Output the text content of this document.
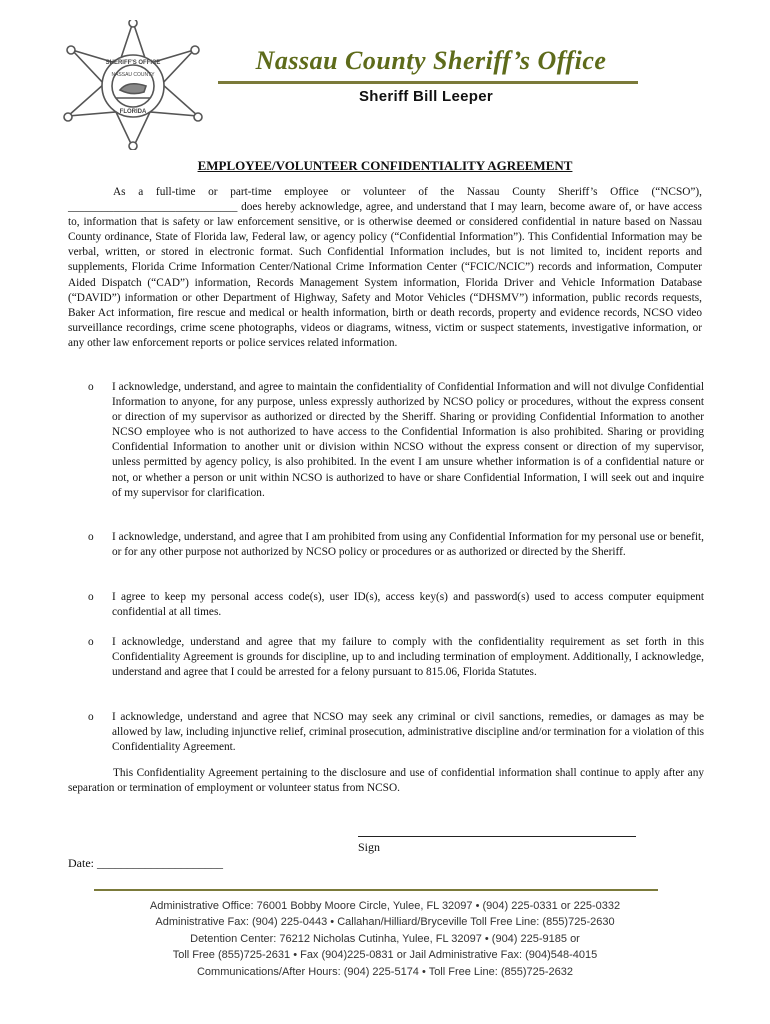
SHERIFF'S OFFICE
NASSAU COUNTY
FLORIDA
Nassau County Sheriff’s Office
Sheriff Bill Leeper
EMPLOYEE/VOLUNTEER CONFIDENTIALITY AGREEMENT

As a full-time or part-time employee or volunteer of the Nassau County Sheriff’s Office (“NCSO”), ______________________________ does hereby acknowledge, agree, and understand that I may learn, become aware of, or have access to, information that is safety or law enforcement sensitive, or is otherwise deemed or considered confidential in nature based on Nassau County ordinance, State of Florida law, Federal law, or agency policy (“Confidential Information”). This Confidential Information may be verbal, written, or stored in electronic format. Such Confidential Information includes, but is not limited to, incident reports and supplements, Florida Crime Information Center/National Crime Information Center (“FCIC/NCIC”) records and information, Computer Aided Dispatch (“CAD”) information, Records Management System information, Florida Driver and Vehicle Information Database (“DAVID”) information or other Department of Highway, Safety and Motor Vehicles (“DHSMV”) information, public records requests, Baker Act information, fire rescue and medical or health information, birth or death records, property and evidence records, NCSO video surveillance recordings, crime scene photographs, videos or diagrams, witness, victim or suspect statements, investigative information, or any other law enforcement reports or police services related information.

o I acknowledge, understand, and agree to maintain the confidentiality of Confidential Information and will not divulge Confidential Information to anyone, for any purpose, unless expressly authorized by NCSO policy or procedures, without the express consent or direction of my supervisor as authorized or directed by the Sheriff. Sharing or providing Confidential Information to another NCSO employee who is not authorized to have access to the Confidential Information is also prohibited. Sharing or providing Confidential Information to another unit or division within NCSO without the express consent or direction of my supervisor, unless permitted by agency policy, is also prohibited. In the event I am unsure whether information is of a confidential nature or not, or whether a person or unit within NCSO is authorized to have or share Confidential Information, I will seek out and inquire of my supervisor for clarification.
o I acknowledge, understand, and agree that I am prohibited from using any Confidential Information for my personal use or benefit, or for any other purpose not authorized by NCSO policy or procedures or as authorized or directed by the Sheriff.
o I agree to keep my personal access code(s), user ID(s), access key(s) and password(s) used to access computer equipment confidential at all times.
o I acknowledge, understand and agree that my failure to comply with the confidentiality requirement as set forth in this Confidentiality Agreement is grounds for discipline, up to and including termination of employment. Additionally, I acknowledge, understand and agree that I could be arrested for a felony pursuant to 815.06, Florida Statutes.
o I acknowledge, understand and agree that NCSO may seek any criminal or civil sanctions, remedies, or damages as may be allowed by law, including injunctive relief, criminal prosecution, administrative discipline and/or termination for a violation of this Confidentiality Agreement.

This Confidentiality Agreement pertaining to the disclosure and use of confidential information shall continue to apply after any separation or termination of employment or volunteer status from NCSO.

Sign
Date: _____________________
Administrative Office: 76001 Bobby Moore Circle, Yulee, FL 32097 • (904) 225-0331 or 225-0332
Administrative Fax: (904) 225-0443 • Callahan/Hilliard/Bryceville Toll Free Line: (855)725-2630
Detention Center: 76212 Nicholas Cutinha, Yulee, FL 32097 • (904) 225-9185 or
Toll Free (855)725-2631 • Fax (904)225-0831 or Jail Administrative Fax: (904)548-4015
Communications/After Hours: (904) 225-5174 • Toll Free Line: (855)725-2632
